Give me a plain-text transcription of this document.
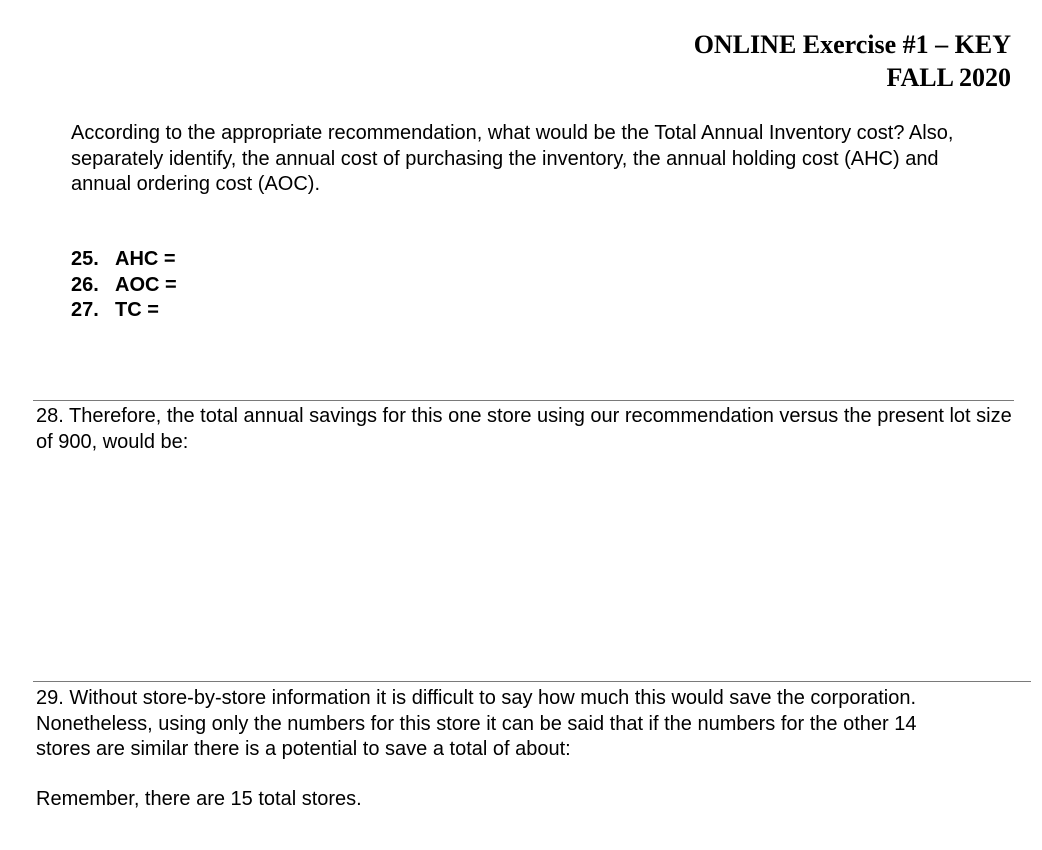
ONLINE Exercise #1 – KEY
FALL 2020
According to the appropriate recommendation, what would be the Total Annual Inventory cost? Also, separately identify, the annual cost of purchasing the inventory, the annual holding cost (AHC) and annual ordering cost (AOC).
25. AHC =
26. AOC =
27. TC =
28. Therefore, the total annual savings for this one store using our recommendation versus the present lot size of 900, would be:
29. Without store-by-store information it is difficult to say how much this would save the corporation.
Nonetheless, using only the numbers for this store it can be said that if the numbers for the other 14
stores are similar there is a potential to save a total of about:
Remember, there are 15 total stores.
